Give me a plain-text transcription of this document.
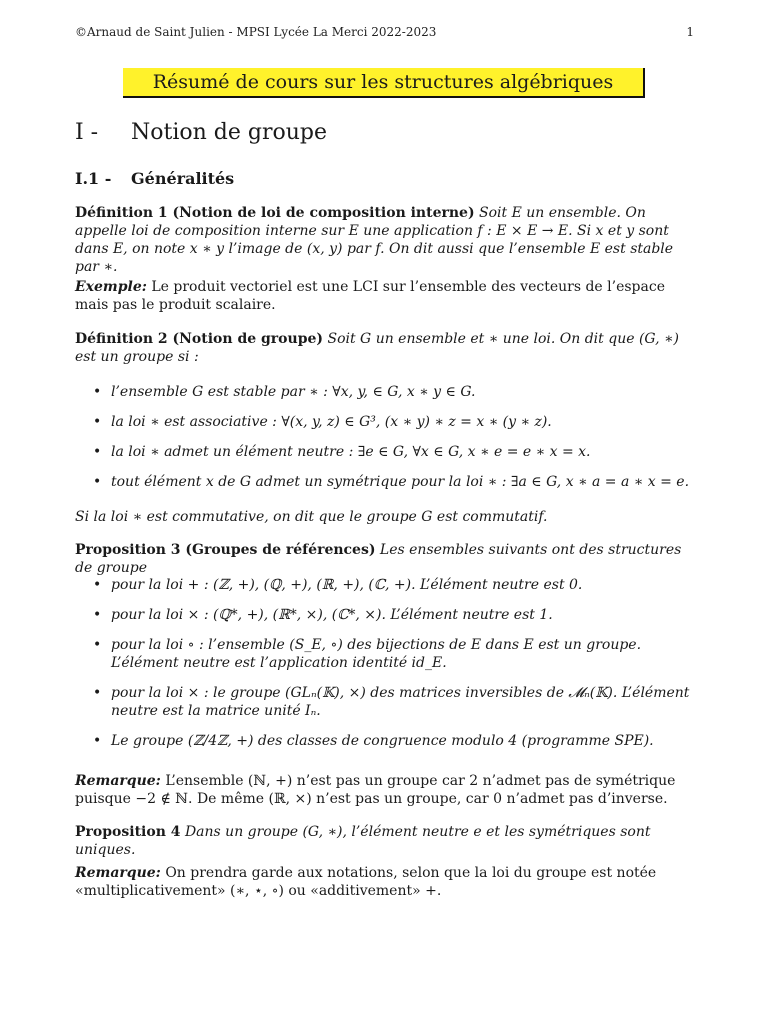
©Arnaud de Saint Julien - MPSI Lycée La Merci 2022-2023	1
Résumé de cours sur les structures algébriques
I - Notion de groupe
I.1 - Généralités
Définition 1 (Notion de loi de composition interne) Soit E un ensemble. On appelle loi de composition interne sur E une application f : E × E → E. Si x et y sont dans E, on note x ∗ y l’image de (x, y) par f. On dit aussi que l’ensemble E est stable par ∗.
Exemple: Le produit vectoriel est une LCI sur l’ensemble des vecteurs de l’espace mais pas le produit scalaire.
Définition 2 (Notion de groupe) Soit G un ensemble et ∗ une loi. On dit que (G, ∗) est un groupe si :
• l’ensemble G est stable par ∗ : ∀x, y, ∈ G, x ∗ y ∈ G.
• la loi ∗ est associative : ∀(x, y, z) ∈ G³, (x ∗ y) ∗ z = x ∗ (y ∗ z).
• la loi ∗ admet un élément neutre : ∃e ∈ G, ∀x ∈ G, x ∗ e = e ∗ x = x.
• tout élément x de G admet un symétrique pour la loi ∗ : ∃a ∈ G, x ∗ a = a ∗ x = e.
Si la loi ∗ est commutative, on dit que le groupe G est commutatif.
Proposition 3 (Groupes de références) Les ensembles suivants ont des structures de groupe
• pour la loi + : (ℤ, +), (ℚ, +), (ℝ, +), (ℂ, +). L’élément neutre est 0.
• pour la loi × : (ℚ*, +), (ℝ*, ×), (ℂ*, ×). L’élément neutre est 1.
• pour la loi ∘ : l’ensemble (S_E, ∘) des bijections de E dans E est un groupe. L’élément neutre est l’application identité id_E.
• pour la loi × : le groupe (GLₙ(𝕂), ×) des matrices inversibles de 𝓜ₙ(𝕂). L’élément neutre est la matrice unité Iₙ.
• Le groupe (ℤ/4ℤ, +) des classes de congruence modulo 4 (programme SPE).
Remarque: L’ensemble (ℕ, +) n’est pas un groupe car 2 n’admet pas de symétrique puisque −2 ∉ ℕ. De même (ℝ, ×) n’est pas un groupe, car 0 n’admet pas d’inverse.
Proposition 4 Dans un groupe (G, ∗), l’élément neutre e et les symétriques sont uniques.
Remarque: On prendra garde aux notations, selon que la loi du groupe est notée «multiplicativement» (∗, ⋆, ∘) ou «additivement» +.
